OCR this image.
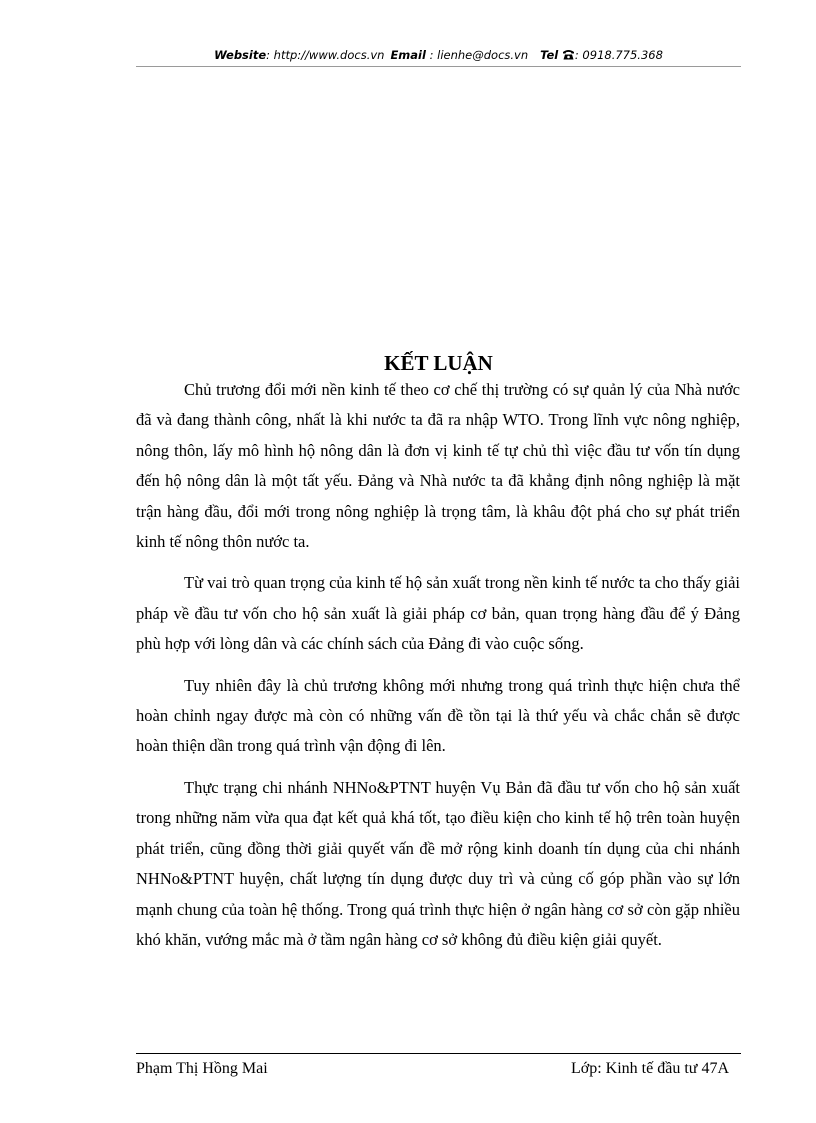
Website: http://www.docs.vn Email : lienhe@docs.vn Tel : 0918.775.368
KẾT LUẬN

Chủ trương đổi mới nền kinh tế theo cơ chế thị trường có sự quản lý của Nhà nước đã và đang thành công, nhất là khi nước ta đã ra nhập WTO. Trong lĩnh vực nông nghiệp, nông thôn, lấy mô hình hộ nông dân là đơn vị kinh tế tự chủ thì việc đầu tư vốn tín dụng đến hộ nông dân là một tất yếu. Đảng và Nhà nước ta đã khẳng định nông nghiệp là mặt trận hàng đầu, đổi mới trong nông nghiệp là trọng tâm, là khâu đột phá cho sự phát triển kinh tế nông thôn nước ta.

Từ vai trò quan trọng của kinh tế hộ sản xuất trong nền kinh tế nước ta cho thấy giải pháp về đầu tư vốn cho hộ sản xuất là giải pháp cơ bản, quan trọng hàng đầu để ý Đảng phù hợp với lòng dân và các chính sách của Đảng đi vào cuộc sống.

Tuy nhiên đây là chủ trương không mới nhưng trong quá trình thực hiện chưa thể hoàn chỉnh ngay được mà còn có những vấn đề tồn tại là thứ yếu và chắc chắn sẽ được hoàn thiện dần trong quá trình vận động đi lên.

Thực trạng chi nhánh NHNo&PTNT huyện Vụ Bản đã đầu tư vốn cho hộ sản xuất trong những năm vừa qua đạt kết quả khá tốt, tạo điều kiện cho kinh tế hộ trên toàn huyện phát triển, cũng đồng thời giải quyết vấn đề mở rộng kinh doanh tín dụng của chi nhánh NHNo&PTNT huyện, chất lượng tín dụng được duy trì và củng cố góp phần vào sự lớn mạnh chung của toàn hệ thống. Trong quá trình thực hiện ở ngân hàng cơ sở còn gặp nhiều khó khăn, vướng mắc mà ở tầm ngân hàng cơ sở không đủ điều kiện giải quyết.

Phạm Thị Hồng Mai	Lớp: Kinh tế đầu tư 47A
